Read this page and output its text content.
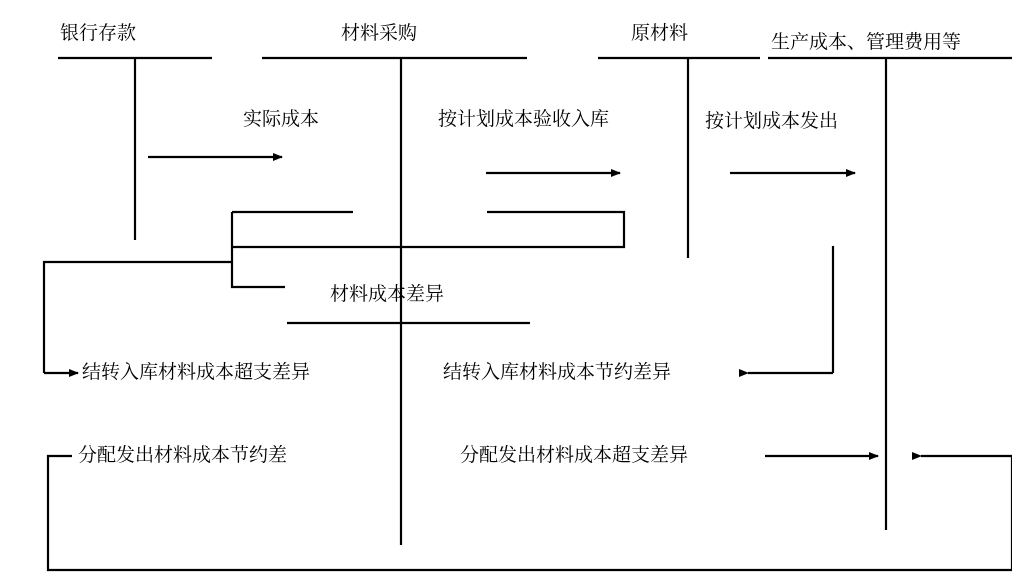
银行存款	材料采购	原材料	生产成本、管理费用等
材料成本差异
实际成本	按计划成本验收入库	按计划成本发出
结转入库材料成本超支差异	结转入库材料成本节约差异
分配发出材料成本节约差	分配发出材料成本超支差异
